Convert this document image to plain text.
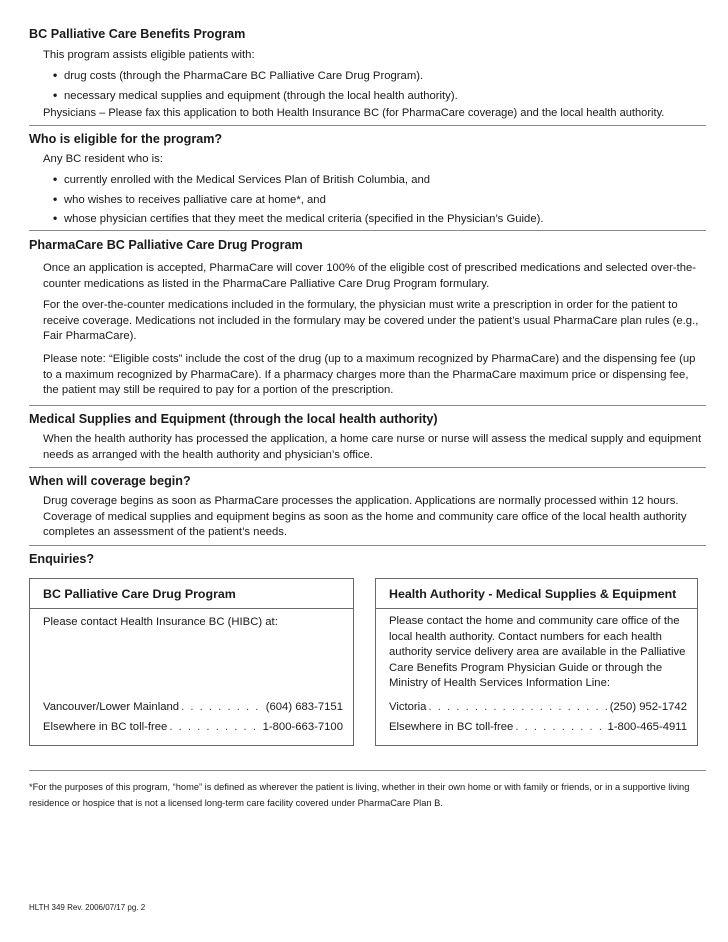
BC Palliative Care Benefits Program

This program assists eligible patients with:
• drug costs (through the PharmaCare BC Palliative Care Drug Program).
• necessary medical supplies and equipment (through the local health authority).
Physicians – Please fax this application to both Health Insurance BC (for PharmaCare coverage) and the local health authority.

Who is eligible for the program?

Any BC resident who is:
• currently enrolled with the Medical Services Plan of British Columbia, and
• who wishes to receives palliative care at home*, and
• whose physician certifies that they meet the medical criteria (specified in the Physician’s Guide).

PharmaCare BC Palliative Care Drug Program

Once an application is accepted, PharmaCare will cover 100% of the eligible cost of prescribed medications and selected over-the-counter medications as listed in the PharmaCare Palliative Care Drug Program formulary.
For the over-the-counter medications included in the formulary, the physician must write a prescription in order for the patient to receive coverage. Medications not included in the formulary may be covered under the patient’s usual PharmaCare plan rules (e.g., Fair PharmaCare).
Please note: “Eligible costs” include the cost of the drug (up to a maximum recognized by PharmaCare) and the dispensing fee (up to a maximum recognized by PharmaCare). If a pharmacy charges more than the PharmaCare maximum price or dispensing fee, the patient may still be required to pay for a portion of the prescription.

Medical Supplies and Equipment (through the local health authority)

When the health authority has processed the application, a home care nurse or nurse will assess the medical supply and equipment needs as arranged with the health authority and physician’s office.

When will coverage begin?

Drug coverage begins as soon as PharmaCare processes the application. Applications are normally processed within 12 hours. Coverage of medical supplies and equipment begins as soon as the home and community care office of the local health authority completes an assessment of the patient’s needs.

Enquiries?

BC Palliative Care Drug Program
Please contact Health Insurance BC (HIBC) at:
Vancouver/Lower Mainland . . .	(604) 683-7151
Elsewhere in BC toll-free . . .	1-800-663-7100
Health Authority - Medical Supplies & Equipment
Please contact the home and community care office of the local health authority. Contact numbers for each health authority service delivery area are available in the Palliative Care Benefits Program Physician Guide or through the Ministry of Health Services Information Line:
Victoria . . .	(250) 952-1742
Elsewhere in BC toll-free . . .	1-800-465-4911
*For the purposes of this program, “home” is defined as wherever the patient is living, whether in their own home or with family or friends, or in a supportive living residence or hospice that is not a licensed long-term care facility covered under PharmaCare Plan B.
HLTH 349 Rev. 2006/07/17 pg. 2
